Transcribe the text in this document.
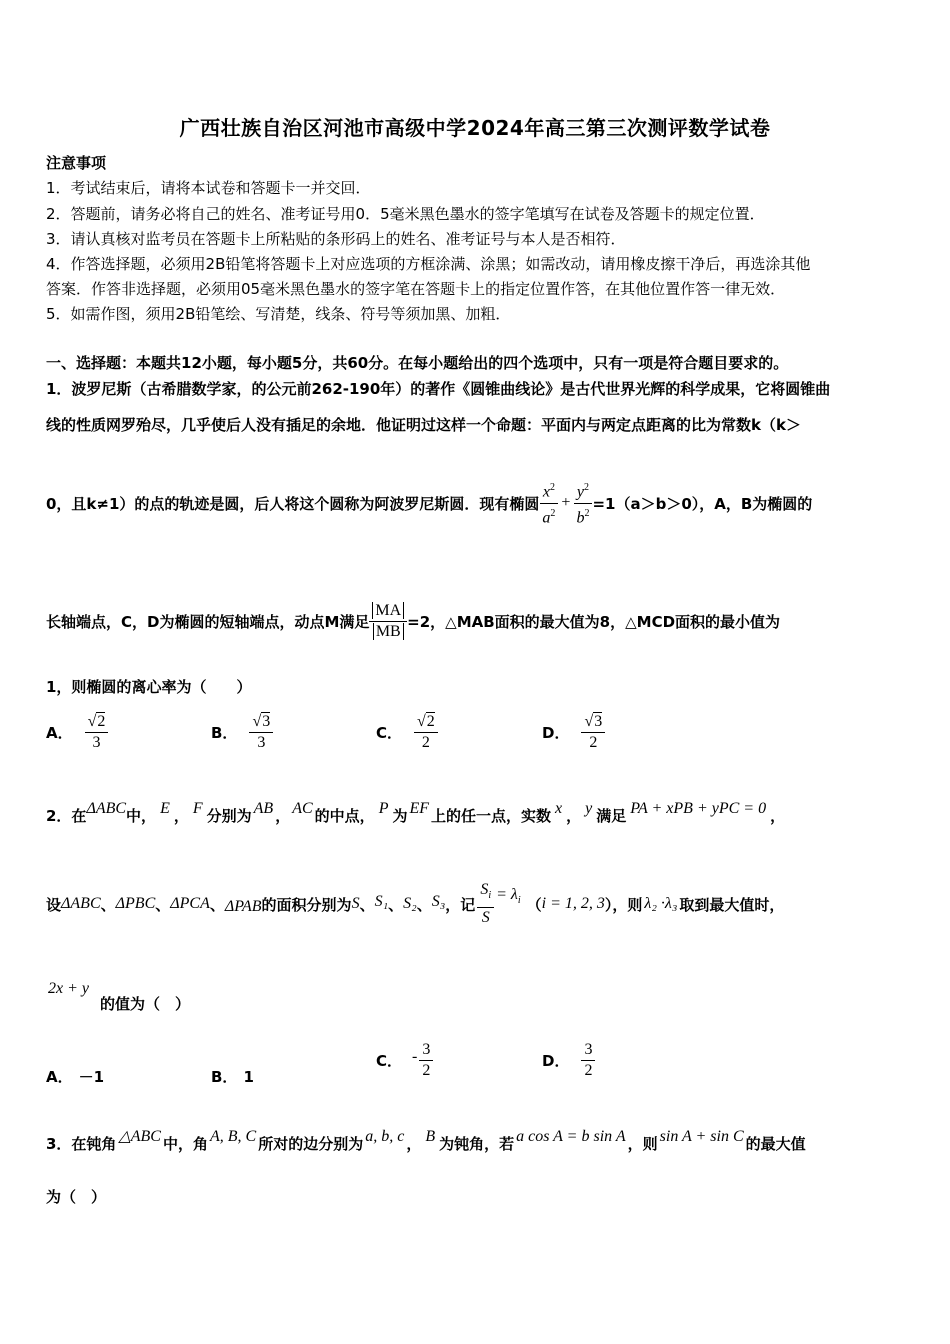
广西壮族自治区河池市高级中学2024年高三第三次测评数学试卷
注意事项
1．考试结束后，请将本试卷和答题卡一并交回．
2．答题前，请务必将自己的姓名、准考证号用0．5毫米黑色墨水的签字笔填写在试卷及答题卡的规定位置．
3．请认真核对监考员在答题卡上所粘贴的条形码上的姓名、准考证号与本人是否相符．
4．作答选择题，必须用2B铅笔将答题卡上对应选项的方框涂满、涂黑；如需改动，请用橡皮擦干净后，再选涂其他
答案．作答非选择题，必须用05毫米黑色墨水的签字笔在答题卡上的指定位置作答，在其他位置作答一律无效．
5．如需作图，须用2B铅笔绘、写清楚，线条、符号等须加黑、加粗．
一、选择题：本题共12小题，每小题5分，共60分。在每小题给出的四个选项中，只有一项是符合题目要求的。
1．波罗尼斯（古希腊数学家，的公元前262-190年）的著作《圆锥曲线论》是古代世界光辉的科学成果，它将圆锥曲
线的性质网罗殆尽，几乎使后人没有插足的余地．他证明过这样一个命题：平面内与两定点距离的比为常数k（k＞
0，且k≠1）的点的轨迹是圆，后人将这个圆称为阿波罗尼斯圆．现有椭圆 $\frac{x^2}{a^2} + \frac{y^2}{b^2} =1(a>b>0)$，A，B为椭圆的
长轴端点，C，D为椭圆的短轴端点，动点M满足 $\frac{MA}{MB} =2$，△MAB面积的最大值为8，△MCD面积的最小值为
1，则椭圆的离心率为（　　）
A． $\frac{√2}{3}$	B． $\frac{√3}{3}$	C． $\frac{√2}{2}$	D． $\frac{√3}{2}$
2．在 ΔABC 中， E ， F 分别为 AB ， AC 的中点， P 为 EF 上的任一点，实数 x ， y 满足 PA + xPB + yPC = 0 ，
设 ΔABC 、 ΔPBC 、 ΔPCA 、 ΔPAB 的面积分别为 S 、 S₁ 、 S₂ 、 S₃ ，记 $\frac{S_i}{S} = \lambda_i$ （ i = 1, 2, 3 ），则 λ₂ ·λ₃ 取到最大值时，
2x + y
的值为（　）
A． －1	B． 1
C． - $\frac{3}{2}$	D． $\frac{3}{2}$
3．在钝角 △ABC 中，角 A, B, C 所对的边分别为 a, b, c ， B 为钝角，若 a cos A = b sin A ，则 sin A + sin C 的最大值
为（　）
